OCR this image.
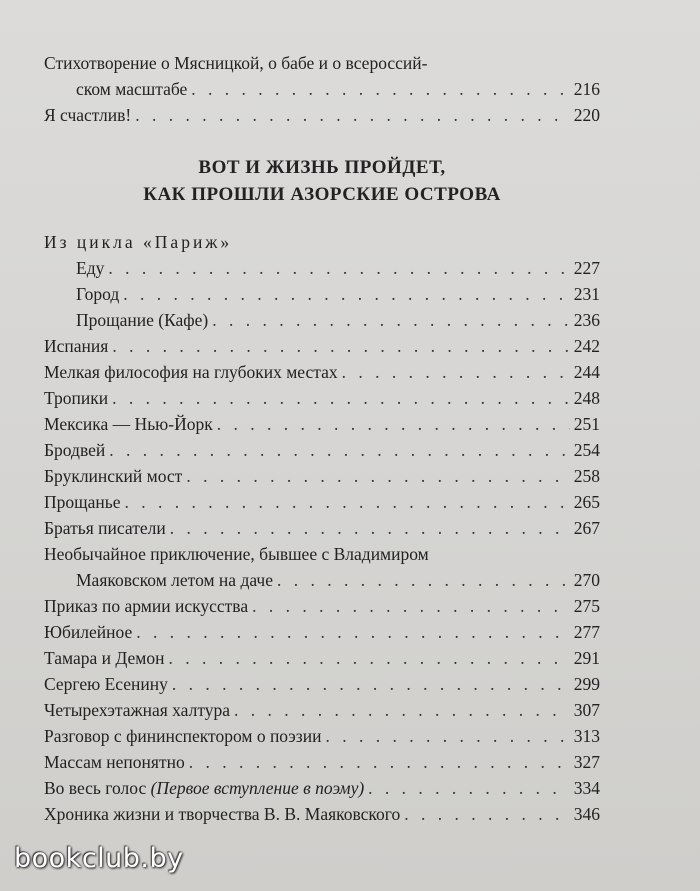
Стихотворение о Мясницкой, о бабе и о всероссий-
ском масштабе . . .	216
Я счастлив! . . .	220
ВОТ И ЖИЗНЬ ПРОЙДЕТ,
КАК ПРОШЛИ АЗОРСКИЕ ОСТРОВА
Из цикла «Париж»
Еду . . .	227
Город . . .	231
Прощание (Кафе) . . .	236
Испания . . .	242
Мелкая философия на глубоких местах . . .	244
Тропики . . .	248
Мексика — Нью-Йорк . . .	251
Бродвей . . .	254
Бруклинский мост . . .	258
Прощанье . . .	265
Братья писатели . . .	267
Необычайное приключение, бывшее с Владимиром
Маяковском летом на даче . . .	270
Приказ по армии искусства . . .	275
Юбилейное . . .	277
Тамара и Демон . . .	291
Сергею Есенину . . .	299
Четырехэтажная халтура . . .	307
Разговор с фининспектором о поэзии . . .	313
Массам непонятно . . .	327
Во весь голос (Первое вступление в поэму) . . .	334
Хроника жизни и творчества В. В. Маяковского . . .	346
bookclub.by
